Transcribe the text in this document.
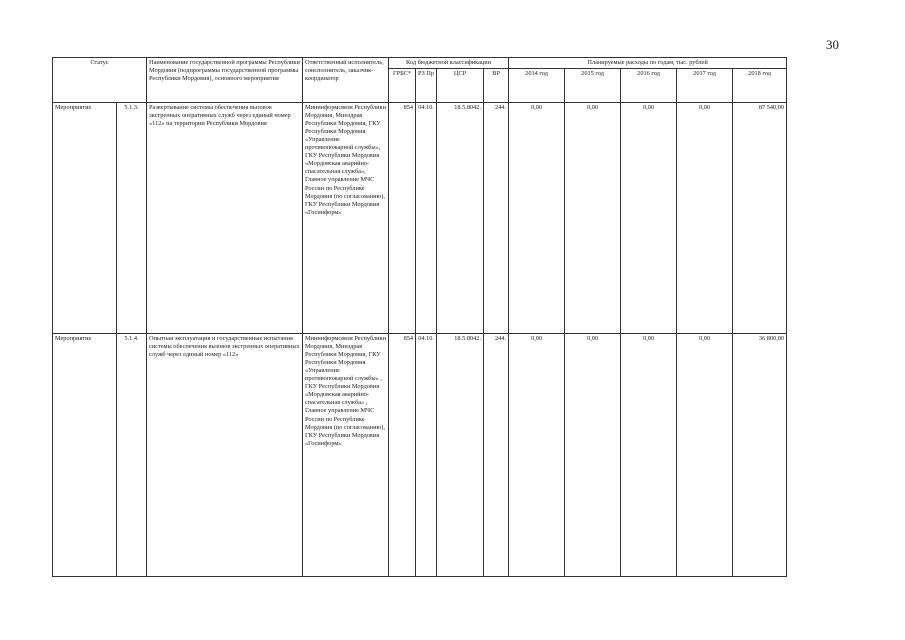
30
Статус		Наименование государственной программы Республики Мордовия (подпрограммы государственной программы Республики Мордовия), основного мероприятия	Ответственный исполнитель, соисполнитель, заказчик-координатор	Код бюджетной классификации				Планируемые расходы по годам, тыс. рублей				
				ГРБС*	РЗ Пр	ЦСР	ВР	2014 год	2015 год	2016 год	2017 год	2018 год
Мероприятие	5.1.3.	Развертывание системы обеспечения вызовов экстренных оперативных служб через единый номер «112» на территории Республики Мордовия	Мининформсвязи Республики Мордовия, Минздрав Республики Мордовия, ГКУ Республики Мордовия «Управление противопожарной службы», ГКУ Республики Мордовия «Мордовская аварийно-спасательная служба», Главное управление МЧС России по Республике Мордовия (по согласованию), ГКУ Республики Мордовия «Госинформ»	854	04.10.	18.5.8042.	244.	0,00	0,00	0,00	0,00	87 540,00
Мероприятие	5.1.4.	Опытная эксплуатация и государственные испытания системы обеспечения вызовов экстренных оперативных служб через единый номер «112»	Мининформсвязи Республики Мордовия, Минздрав Республики Мордовия, ГКУ Республики Мордовия «Управление противопожарной службы» , ГКУ Республики Мордовия «Мордовская аварийно-спасательная служба» , Главное управление МЧС России по Республике Мордовия (по согласованию), ГКУ Республики Мордовия «Госинформ»	854	04.10.	18.5.8042.	244.	0,00	0,00	0,00	0,00	36 800,00
